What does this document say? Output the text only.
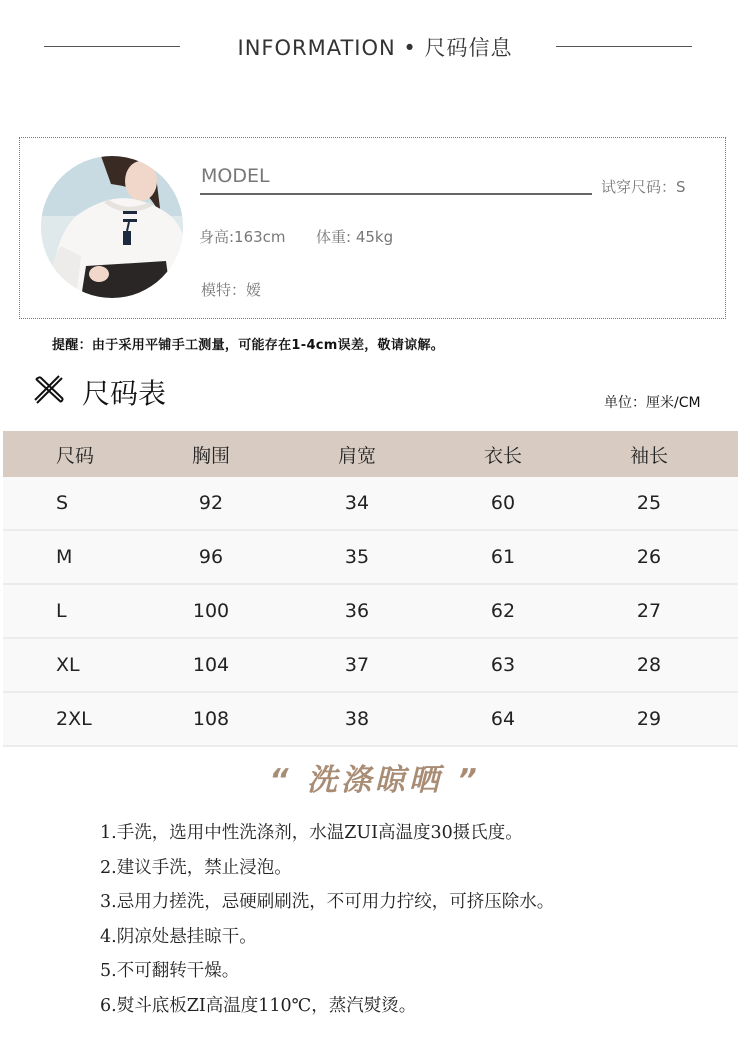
INFORMATION • 尺码信息
MODEL	试穿尺码：S
身高:163cm 体重: 45kg
模特：嫒
提醒：由于采用平铺手工测量，可能存在1-4cm误差，敬请谅解。
尺码表	单位：厘米/CM
尺码	胸围	肩宽	衣长	袖长
S	92	34	60	25
M	96	35	61	26
L	100	36	62	27
XL	104	37	63	28
2XL	108	38	64	29
“ 洗涤晾晒 ”
1.手洗，选用中性洗涤剂，水温ZUI高温度30摄氏度。
2.建议手洗，禁止浸泡。
3.忌用力搓洗，忌硬刷刷洗，不可用力拧绞，可挤压除水。
4.阴凉处悬挂晾干。
5.不可翻转干燥。
6.熨斗底板ZI高温度110℃，蒸汽熨烫。
